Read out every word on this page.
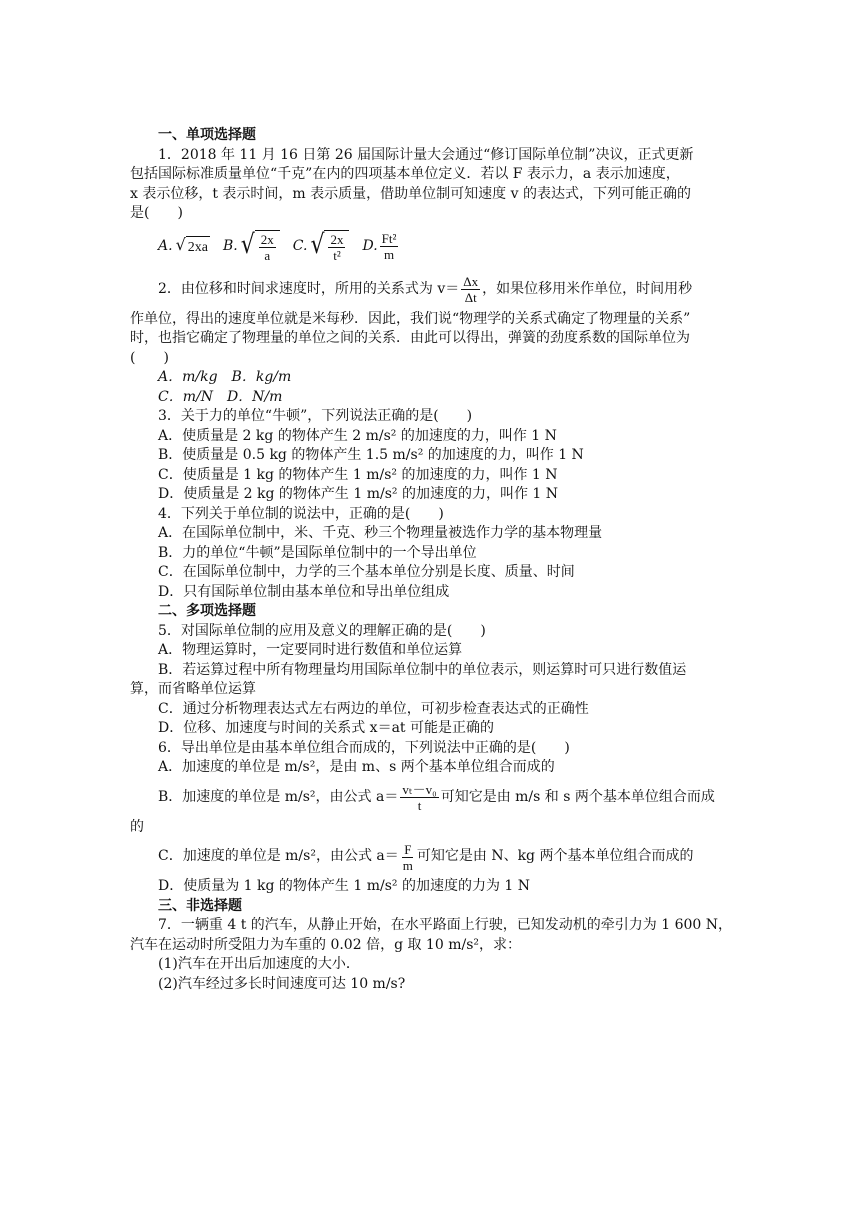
一、单项选择题
1．2018 年 11 月 16 日第 26 届国际计量大会通过“修订国际单位制”决议，正式更新
包括国际标准质量单位“千克”在内的四项基本单位定义．若以 F 表示力，a 表示加速度，
x 表示位移，t 表示时间，m 表示质量，借助单位制可知速度 v 的表达式，下列可能正确的
是(　　)
A. √ 2xa B. √ $\frac{2x}{a} C$. √ $\frac{2x}{\text{t²}} D$. $\frac{\text{Ft²}}{m}$
2．由位移和时间求速度时，所用的关系式为 $v= \frac{\Delta x}{\Delta t}$ ，如果位移用米作单位，时间用秒
作单位，得出的速度单位就是米每秒．因此，我们说“物理学的关系式确定了物理量的关系”
时，也指它确定了物理量的单位之间的关系．由此可以得出，弹簧的劲度系数的国际单位为
(　　)
A．m/kg　B．kg/m
C．m/N　D．N/m
3．关于力的单位“牛顿”，下列说法正确的是(　　)
A．使质量是 2 kg 的物体产生 2 m/s² 的加速度的力，叫作 1 N
B．使质量是 0.5 kg 的物体产生 1.5 m/s² 的加速度的力，叫作 1 N
C．使质量是 1 kg 的物体产生 1 m/s² 的加速度的力，叫作 1 N
D．使质量是 2 kg 的物体产生 1 m/s² 的加速度的力，叫作 1 N
4．下列关于单位制的说法中，正确的是(　　)
A．在国际单位制中，米、千克、秒三个物理量被选作力学的基本物理量
B．力的单位“牛顿”是国际单位制中的一个导出单位
C．在国际单位制中，力学的三个基本单位分别是长度、质量、时间
D．只有国际单位制由基本单位和导出单位组成
二、多项选择题
5．对国际单位制的应用及意义的理解正确的是(　　)
A．物理运算时，一定要同时进行数值和单位运算
B．若运算过程中所有物理量均用国际单位制中的单位表示，则运算时可只进行数值运
算，而省略单位运算
C．通过分析物理表达式左右两边的单位，可初步检查表达式的正确性
D．位移、加速度与时间的关系式 x＝at 可能是正确的
6．导出单位是由基本单位组合而成的，下列说法中正确的是(　　)
A．加速度的单位是 m/s²，是由 m、s 两个基本单位组合而成的
B．加速度的单位是 m/s²，由公式 $a= \frac{\text{vₜ－v₀}}{t}$ 可知它是由 m/s 和 s 两个基本单位组合而成
的
C．加速度的单位是 m/s²，由公式 $a= \frac{F}{m}$ 可知它是由 N、kg 两个基本单位组合而成的
D．使质量为 1 kg 的物体产生 1 m/s² 的加速度的力为 1 N
三、非选择题
7．一辆重 4 t 的汽车，从静止开始，在水平路面上行驶，已知发动机的牵引力为 1 600 N，
汽车在运动时所受阻力为车重的 0.02 倍，g 取 10 m/s²，求：
(1)汽车在开出后加速度的大小．
(2)汽车经过多长时间速度可达 10 m/s?
